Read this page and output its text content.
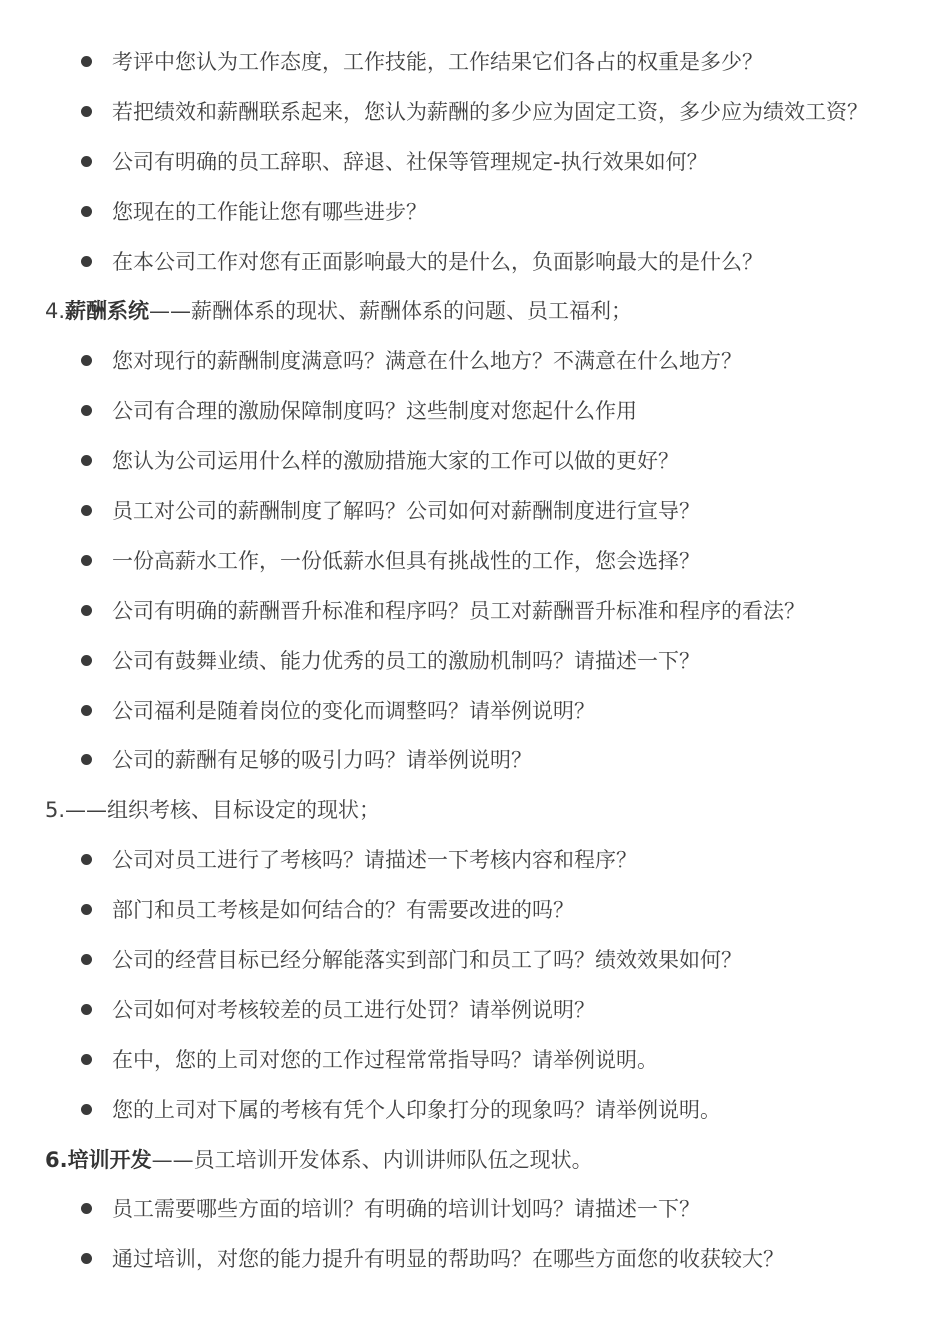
考评中您认为工作态度，工作技能，工作结果它们各占的权重是多少？
若把绩效和薪酬联系起来，您认为薪酬的多少应为固定工资，多少应为绩效工资？
公司有明确的员工辞职、辞退、社保等管理规定-执行效果如何？
您现在的工作能让您有哪些进步？
在本公司工作对您有正面影响最大的是什么，负面影响最大的是什么？
4.薪酬系统——薪酬体系的现状、薪酬体系的问题、员工福利；
您对现行的薪酬制度满意吗？满意在什么地方？不满意在什么地方？
公司有合理的激励保障制度吗？这些制度对您起什么作用
您认为公司运用什么样的激励措施大家的工作可以做的更好？
员工对公司的薪酬制度了解吗？公司如何对薪酬制度进行宣导？
一份高薪水工作，一份低薪水但具有挑战性的工作，您会选择？
公司有明确的薪酬晋升标准和程序吗？员工对薪酬晋升标准和程序的看法？
公司有鼓舞业绩、能力优秀的员工的激励机制吗？请描述一下？
公司福利是随着岗位的变化而调整吗？请举例说明？
公司的薪酬有足够的吸引力吗？请举例说明？
5.——组织考核、目标设定的现状；
公司对员工进行了考核吗？请描述一下考核内容和程序？
部门和员工考核是如何结合的？有需要改进的吗？
公司的经营目标已经分解能落实到部门和员工了吗？绩效效果如何？
公司如何对考核较差的员工进行处罚？请举例说明？
在中，您的上司对您的工作过程常常指导吗？请举例说明。
您的上司对下属的考核有凭个人印象打分的现象吗？请举例说明。
6.培训开发——员工培训开发体系、内训讲师队伍之现状。
员工需要哪些方面的培训？有明确的培训计划吗？请描述一下？
通过培训，对您的能力提升有明显的帮助吗？在哪些方面您的收获较大？
